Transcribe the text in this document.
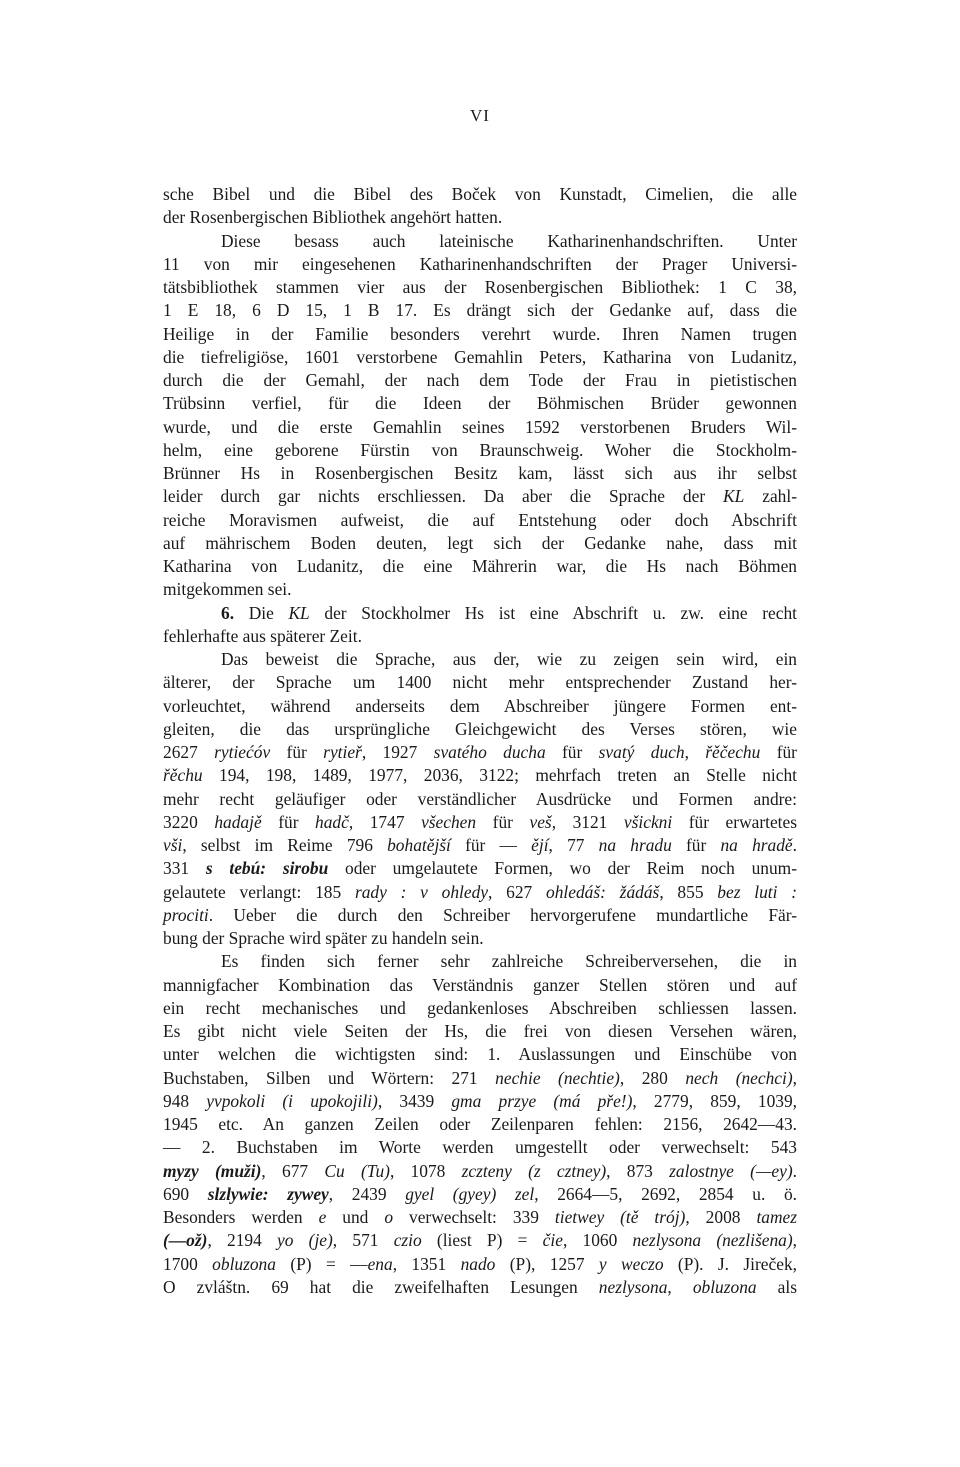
VI
sche Bibel und die Bibel des Boček von Kunstadt, Cimelien, die alle
der Rosenbergischen Bibliothek angehört hatten.
Diese besass auch lateinische Katharinenhandschriften. Unter
11 von mir eingesehenen Katharinenhandschriften der Prager Universi-
tätsbibliothek stammen vier aus der Rosenbergischen Bibliothek: 1 C 38,
1 E 18, 6 D 15, 1 B 17. Es drängt sich der Gedanke auf, dass die
Heilige in der Familie besonders verehrt wurde. Ihren Namen trugen
die tiefreligiöse, 1601 verstorbene Gemahlin Peters, Katharina von Ludanitz,
durch die der Gemahl, der nach dem Tode der Frau in pietistischen
Trübsinn verfiel, für die Ideen der Böhmischen Brüder gewonnen
wurde, und die erste Gemahlin seines 1592 verstorbenen Bruders Wil-
helm, eine geborene Fürstin von Braunschweig. Woher die Stockholm-
Brünner Hs in Rosenbergischen Besitz kam, lässt sich aus ihr selbst
leider durch gar nichts erschliessen. Da aber die Sprache der KL zahl-
reiche Moravismen aufweist, die auf Entstehung oder doch Abschrift
auf mährischem Boden deuten, legt sich der Gedanke nahe, dass mit
Katharina von Ludanitz, die eine Mährerin war, die Hs nach Böhmen
mitgekommen sei.
6. Die KL der Stockholmer Hs ist eine Abschrift u. zw. eine recht
fehlerhafte aus späterer Zeit.
Das beweist die Sprache, aus der, wie zu zeigen sein wird, ein
älterer, der Sprache um 1400 nicht mehr entsprechender Zustand her-
vorleuchtet, während anderseits dem Abschreiber jüngere Formen ent-
gleiten, die das ursprüngliche Gleichgewicht des Verses stören, wie
2627 rytiećóv für rytieř, 1927 svatého ducha für svatý duch, řěčechu für
řěchu 194, 198, 1489, 1977, 2036, 3122; mehrfach treten an Stelle nicht
mehr recht geläufiger oder verständlicher Ausdrücke und Formen andre:
3220 hadajě für hadč, 1747 všechen für veš, 3121 všickni für erwartetes
vši, selbst im Reime 796 bohatější für — ějí, 77 na hradu für na hradě.
331 s tebú: sirobu oder umgelautete Formen, wo der Reim noch unum-
gelautete verlangt: 185 rady : v ohledy, 627 ohledáš: žádáš, 855 bez luti :
prociti. Ueber die durch den Schreiber hervorgerufene mundartliche Fär-
bung der Sprache wird später zu handeln sein.
Es finden sich ferner sehr zahlreiche Schreiberversehen, die in
mannigfacher Kombination das Verständnis ganzer Stellen stören und auf
ein recht mechanisches und gedankenloses Abschreiben schliessen lassen.
Es gibt nicht viele Seiten der Hs, die frei von diesen Versehen wären,
unter welchen die wichtigsten sind: 1. Auslassungen und Einschübe von
Buchstaben, Silben und Wörtern: 271 nechie (nechtie), 280 nech (nechci),
948 yvpokoli (i upokojili), 3439 gma przye (má pře!), 2779, 859, 1039,
1945 etc. An ganzen Zeilen oder Zeilenparen fehlen: 2156, 2642—43.
— 2. Buchstaben im Worte werden umgestellt oder verwechselt: 543
myzy (muži), 677 Cu (Tu), 1078 zczteny (z cztney), 873 zalostnye (—ey).
690 slzlywie: zywey, 2439 gyel (gyey) zel, 2664—5, 2692, 2854 u. ö.
Besonders werden e und o verwechselt: 339 tietwey (tě trój), 2008 tamez
(—ož), 2194 yo (je), 571 czio (liest P) = čie, 1060 nezlysona (nezlišena),
1700 obluzona (P) = —ena, 1351 nado (P), 1257 y weczo (P). J. Jireček,
O zvláštn. 69 hat die zweifelhaften Lesungen nezlysona, obluzona als
